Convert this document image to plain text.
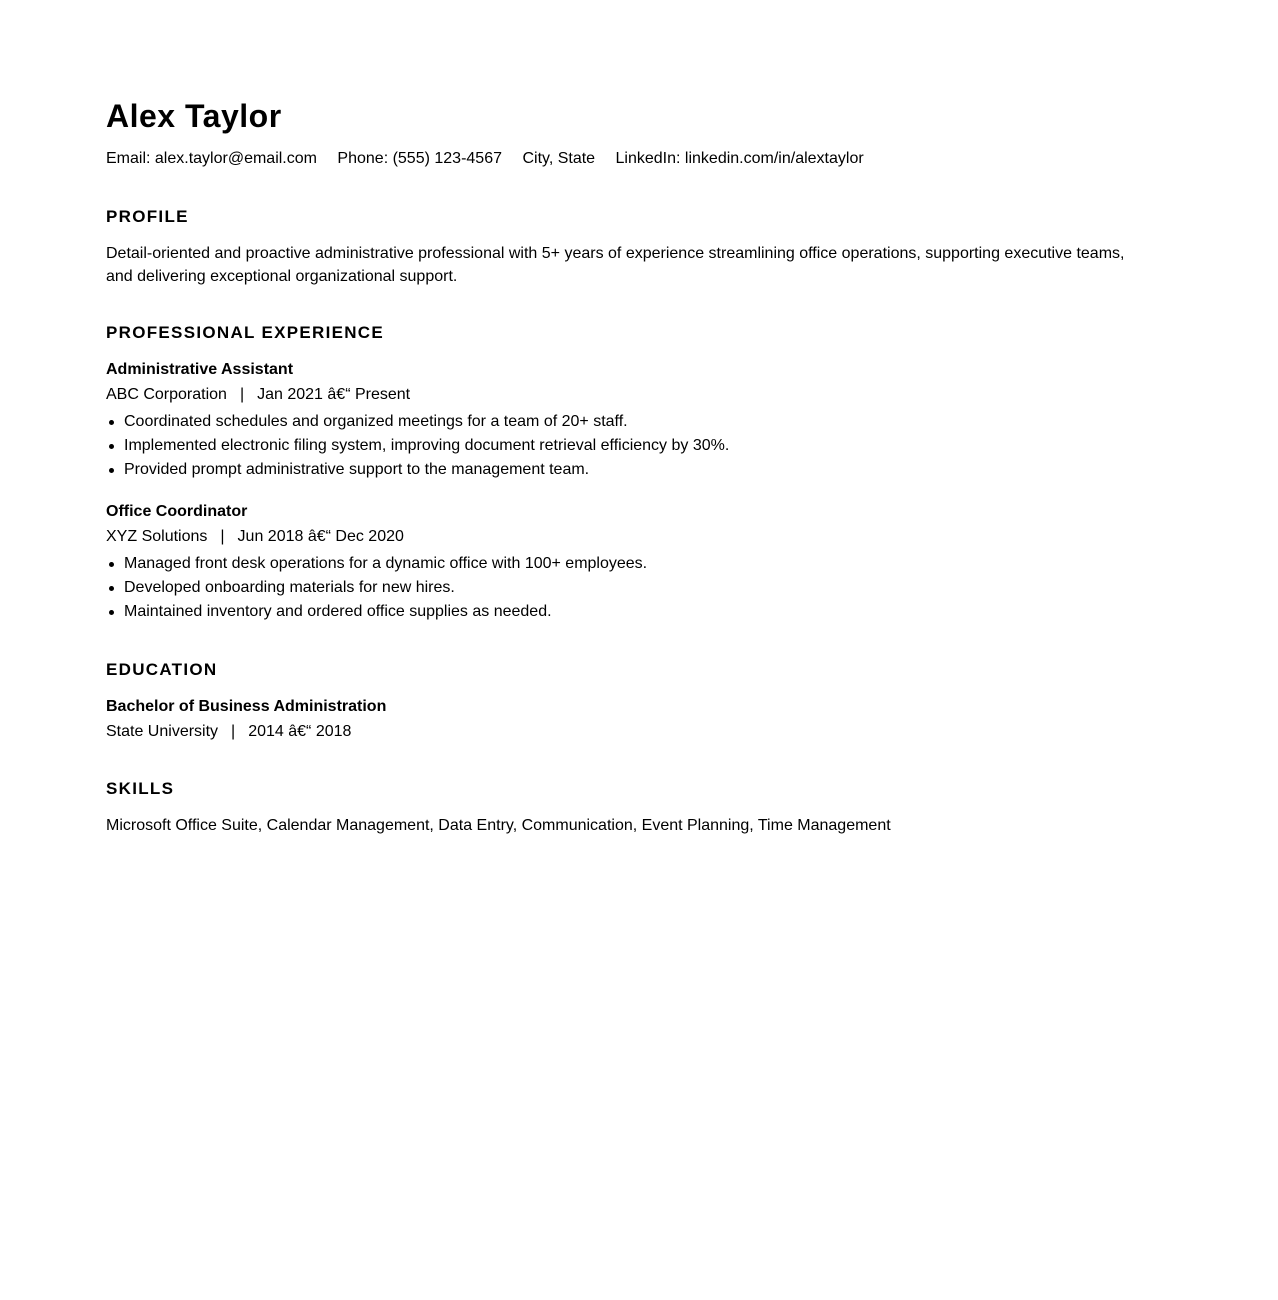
Alex Taylor

Email: alex.taylor@email.com Phone: (555) 123-4567 City, State LinkedIn: linkedin.com/in/alextaylor

PROFILE

Detail-oriented and proactive administrative professional with 5+ years of experience streamlining office operations, supporting executive teams, and delivering exceptional organizational support.

PROFESSIONAL EXPERIENCE
Administrative Assistant

ABC Corporation | Jan 2021 â€“ Present

Coordinated schedules and organized meetings for a team of 20+ staff.
Implemented electronic filing system, improving document retrieval efficiency by 30%.
Provided prompt administrative support to the management team.
Office Coordinator

XYZ Solutions | Jun 2018 â€“ Dec 2020

Managed front desk operations for a dynamic office with 100+ employees.
Developed onboarding materials for new hires.
Maintained inventory and ordered office supplies as needed.
EDUCATION
Bachelor of Business Administration

State University | 2014 â€“ 2018

SKILLS

Microsoft Office Suite, Calendar Management, Data Entry, Communication, Event Planning, Time Management
